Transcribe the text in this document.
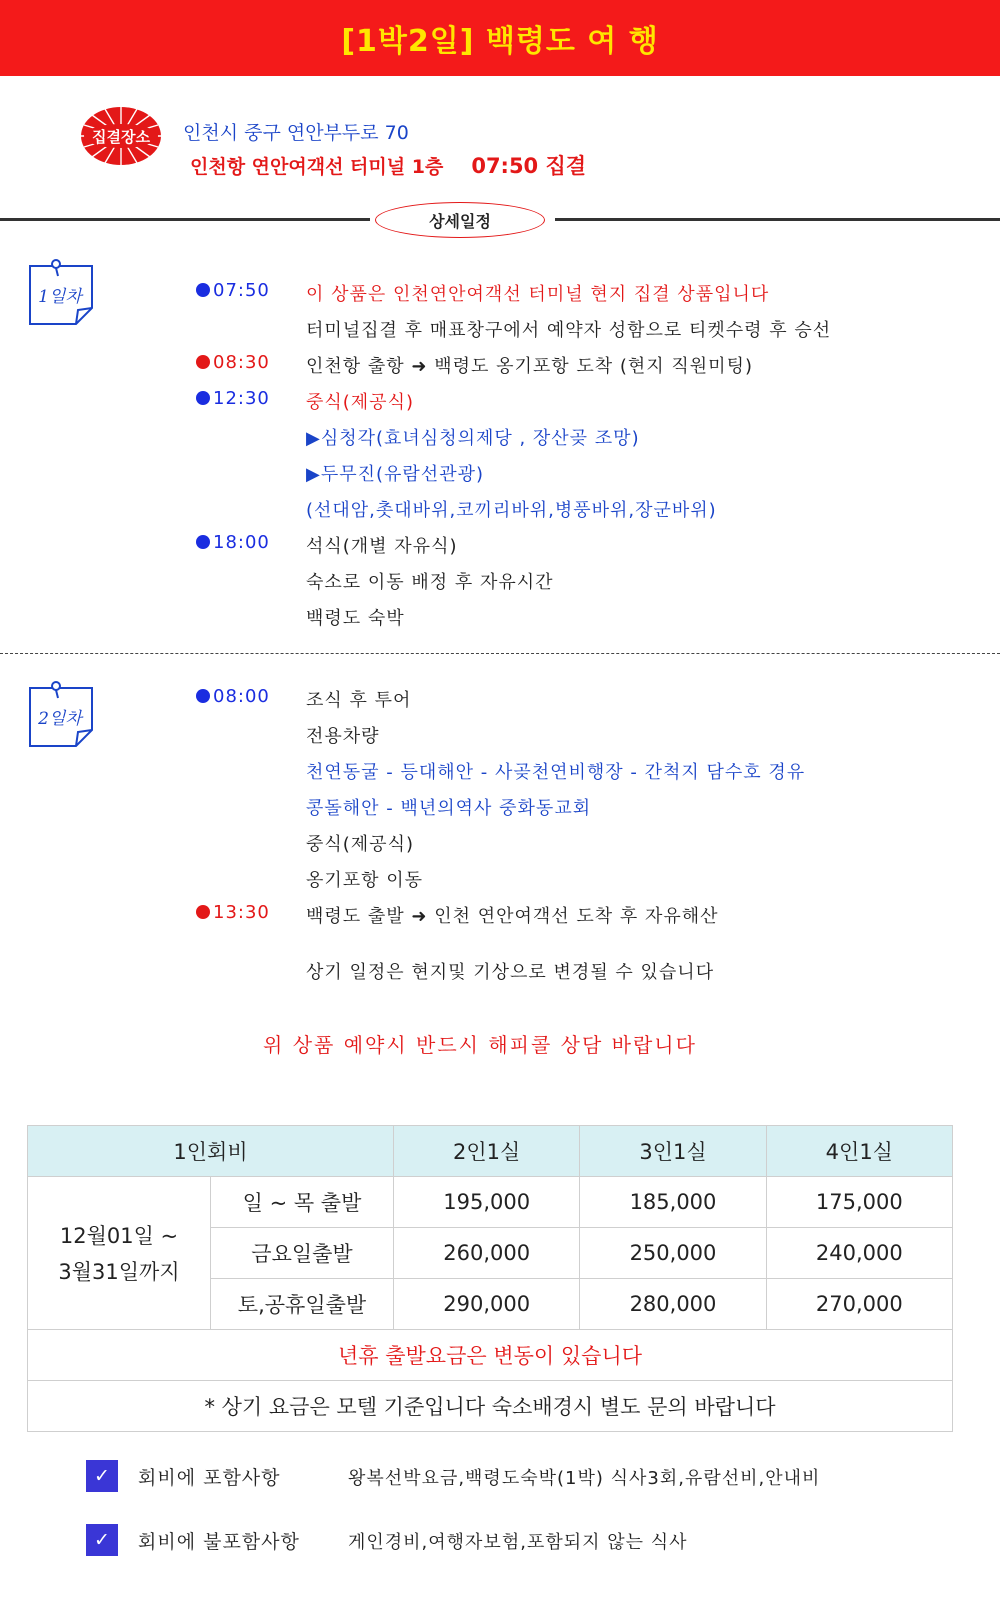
[1박2일] 백령도 여 행
집결장소 인천시 중구 연안부두로 70
인천항 연안여객선 터미널 1층 07:50 집결
상세일정
1일차	07:50 이 상품은 인천연안여객선 터미널 현지 집결 상품입니다
터미널집결 후 매표창구에서 예약자 성함으로 티켓수령 후 승선
08:30 인천항 출항 ➜ 백령도 옹기포항 도착 (현지 직원미팅)
12:30 중식(제공식)
▶심청각(효녀심청의제당 , 장산곶 조망)
▶두무진(유람선관광)
(선대암,촛대바위,코끼리바위,병풍바위,장군바위)
18:00 석식(개별 자유식)
숙소로 이동 배정 후 자유시간
백령도 숙박
2일차
08:00 조식 후 투어
전용차량
천연동굴 - 등대해안 - 사곶천연비행장 - 간척지 담수호 경유
콩돌해안 - 백년의역사 중화동교회
중식(제공식)
옹기포항 이동
13:30 백령도 출발 ➜ 인천 연안여객선 도착 후 자유해산
상기 일정은 현지및 기상으로 변경될 수 있습니다
위 상품 예약시 반드시 해피콜 상담 바랍니다
1인회비		2인1실	3인1실	4인1실

12월01일 ~
3월31일까지	일 ~ 목 출발	195,000	185,000	175,000
	금요일출발	260,000	250,000	240,000
	토,공휴일출발	290,000	280,000	270,000
년휴 출발요금은 변동이 있습니다				
* 상기 요금은 모텔 기준입니다 숙소배경시 별도 문의 바랍니다				
✓	회비에 포함사항	왕복선박요금,백령도숙박(1박) 식사3회,유람선비,안내비
✓	회비에 불포함사항	게인경비,여행자보험,포함되지 않는 식사
